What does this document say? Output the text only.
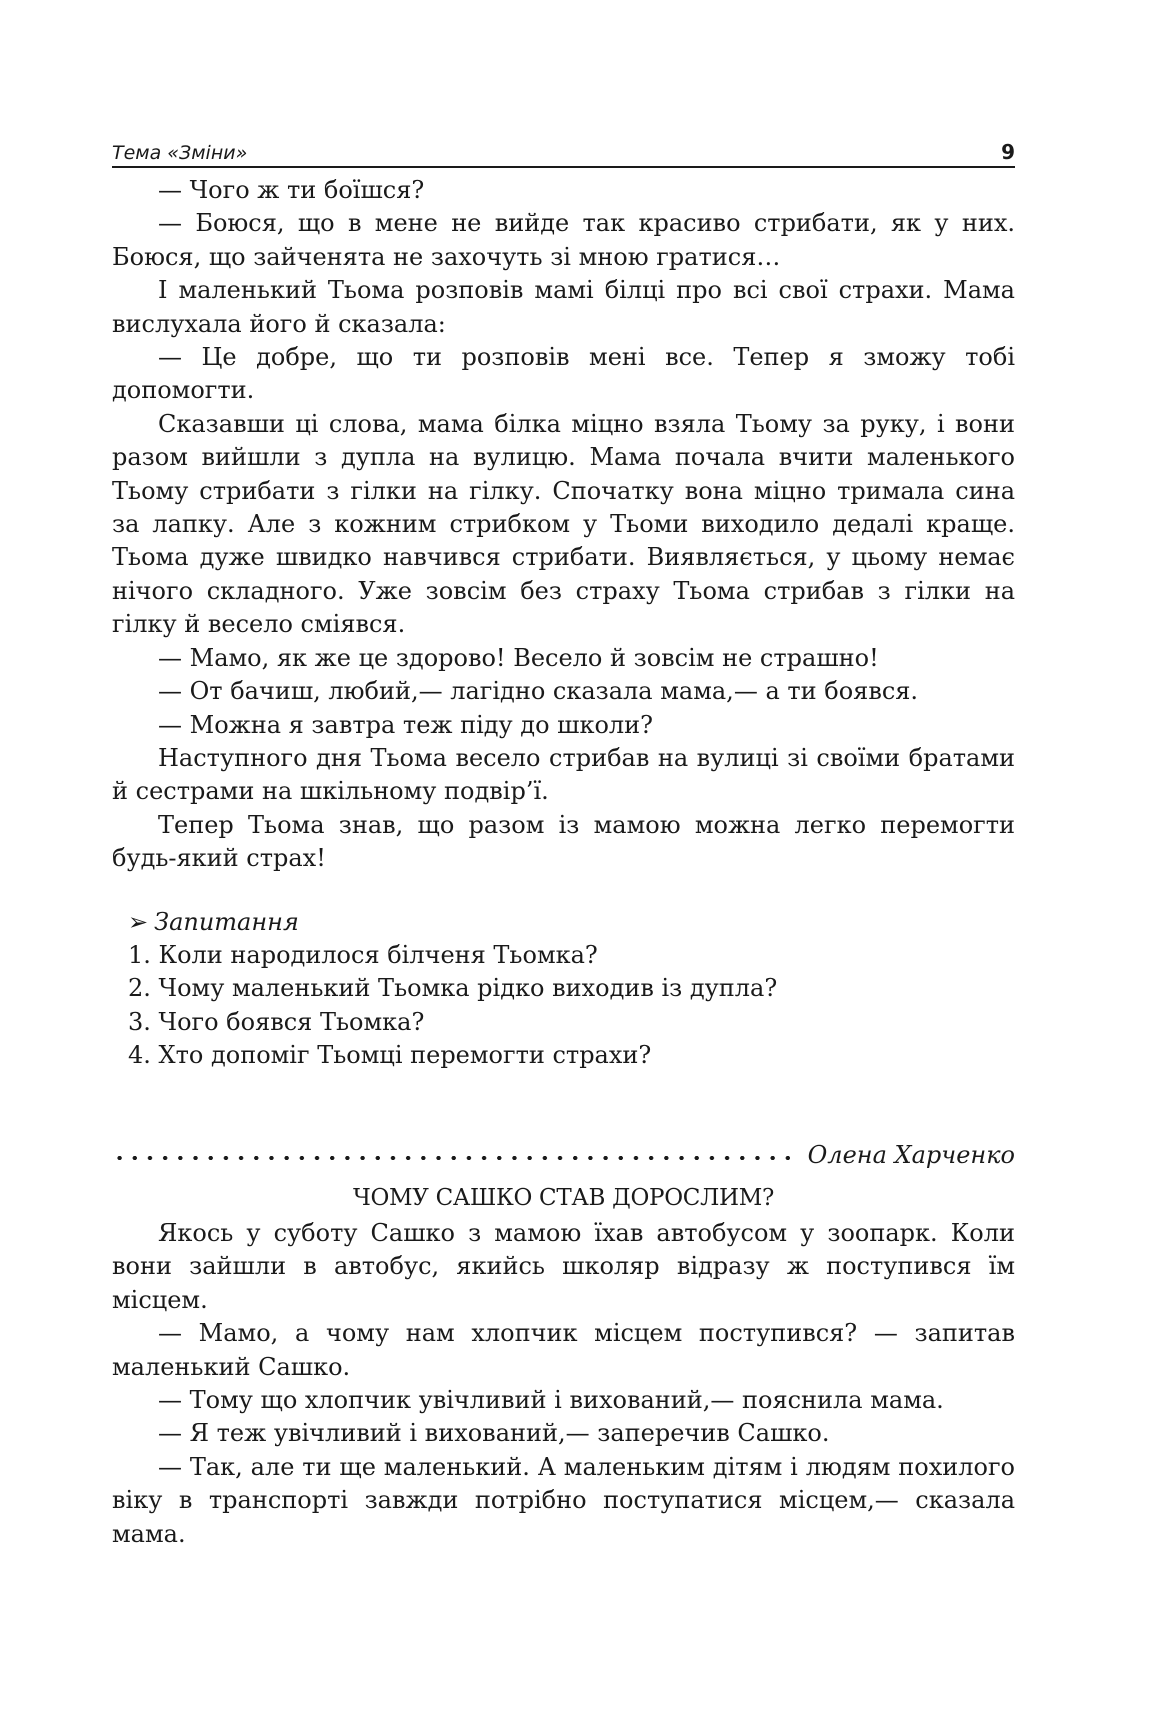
Тема «Зміни»	9

— Чого ж ти боїшся?

— Боюся, що в мене не вийде так красиво стрибати, як у них. Боюся, що зайченята не захочуть зі мною гратися…

І маленький Тьома розповів мамі білці про всі свої страхи. Мама вислухала його й сказала:

— Це добре, що ти розповів мені все. Тепер я зможу тобі допомогти.

Сказавши ці слова, мама білка міцно взяла Тьому за руку, і вони разом вийшли з дупла на вулицю. Мама почала вчити маленького Тьому стрибати з гілки на гілку. Спочатку вона міцно тримала сина за лапку. Але з кожним стрибком у Тьоми виходило дедалі краще. Тьома дуже швидко навчився стрибати. Виявляється, у цьому немає нічого складного. Уже зовсім без страху Тьома стрибав з гілки на гілку й весело сміявся.

— Мамо, як же це здорово! Весело й зовсім не страшно!

— От бачиш, любий,— лагідно сказала мама,— а ти боявся.

— Можна я завтра теж піду до школи?

Наступного дня Тьома весело стрибав на вулиці зі своїми братами й сестрами на шкільному подвір’ї.

Тепер Тьома знав, що разом із мамою можна легко перемогти будь-який страх!

➢ Запитання
1. Коли народилося білченя Тьомка?
2. Чому маленький Тьомка рідко виходив із дупла?
3. Чого боявся Тьомка?
4. Хто допоміг Тьомці перемогти страхи?
Олена Харченко
ЧОМУ САШКО СТАВ ДОРОСЛИМ?

Якось у суботу Сашко з мамою їхав автобусом у зоопарк. Коли вони зайшли в автобус, якийсь школяр відразу ж поступився їм місцем.

— Мамо, а чому нам хлопчик місцем поступився? — запитав маленький Сашко.

— Тому що хлопчик увічливий і вихований,— пояснила мама.

— Я теж увічливий і вихований,— заперечив Сашко.

— Так, але ти ще маленький. А маленьким дітям і людям похилого віку в транспорті завжди потрібно поступатися місцем,— сказала мама.
